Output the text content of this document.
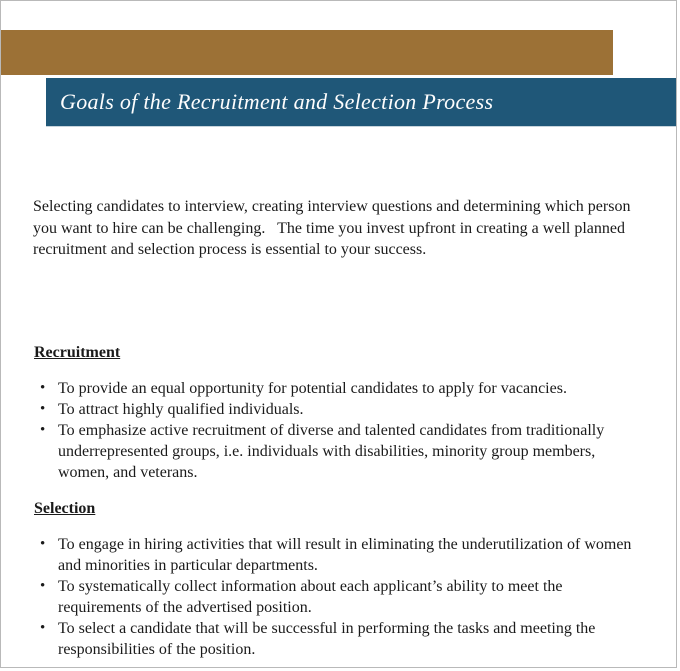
Goals of the Recruitment and Selection Process

Selecting candidates to interview, creating interview questions and determining which person you want to hire can be challenging.   The time you invest upfront in creating a well planned recruitment and selection process is essential to your success.

Recruitment
• To provide an equal opportunity for potential candidates to apply for vacancies.
• To attract highly qualified individuals.
• To emphasize active recruitment of diverse and talented candidates from traditionally underrepresented groups, i.e. individuals with disabilities, minority group members, women, and veterans.
Selection
• To engage in hiring activities that will result in eliminating the underutilization of women and minorities in particular departments.
• To systematically collect information about each applicant’s ability to meet the requirements of the advertised position.
• To select a candidate that will be successful in performing the tasks and meeting the responsibilities of the position.
